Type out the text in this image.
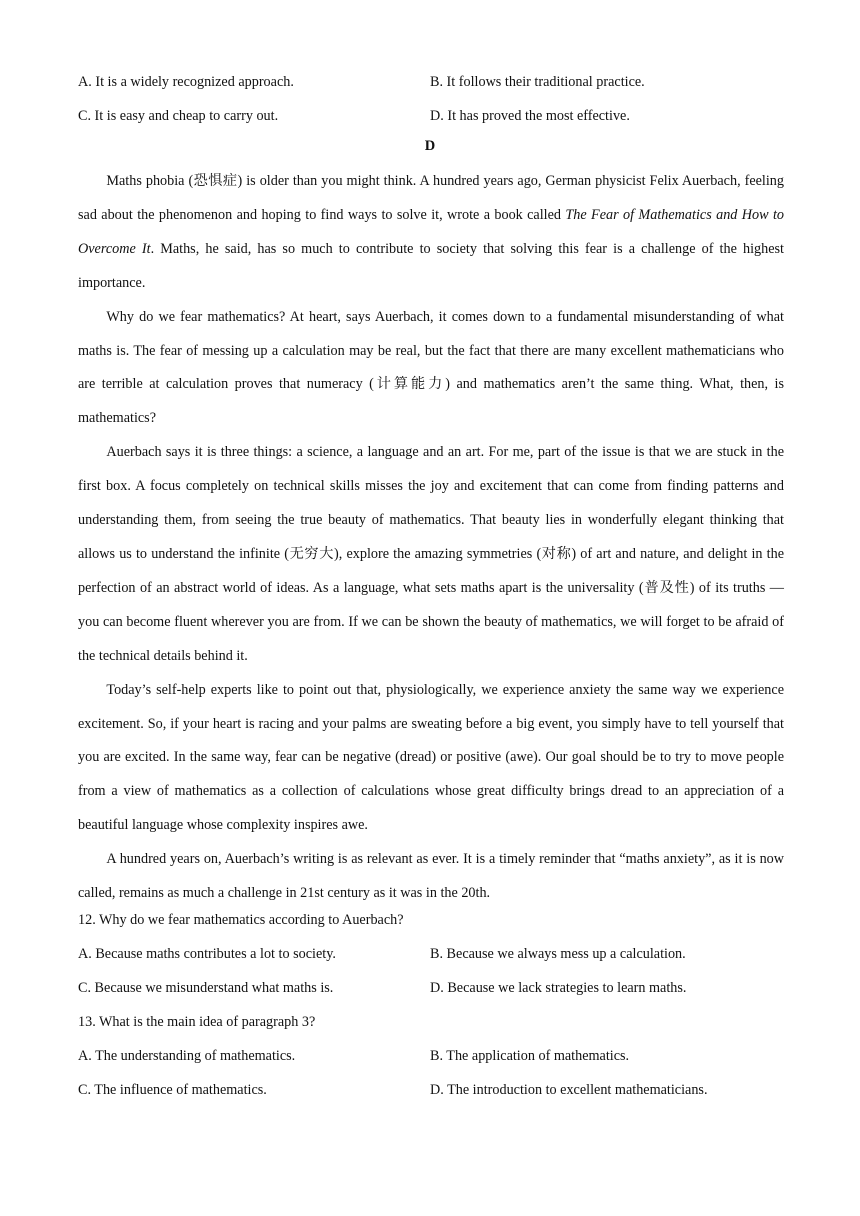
A. It is a widely recognized approach.	B. It follows their traditional practice.
C. It is easy and cheap to carry out.	D. It has proved the most effective.
D

Maths phobia (恐惧症) is older than you might think. A hundred years ago, German physicist Felix Auerbach, feeling sad about the phenomenon and hoping to find ways to solve it, wrote a book called The Fear of Mathematics and How to Overcome It. Maths, he said, has so much to contribute to society that solving this fear is a challenge of the highest importance.

Why do we fear mathematics? At heart, says Auerbach, it comes down to a fundamental misunderstanding of what maths is. The fear of messing up a calculation may be real, but the fact that there are many excellent mathematicians who are terrible at calculation proves that numeracy (计算能力) and mathematics aren’t the same thing. What, then, is mathematics?

Auerbach says it is three things: a science, a language and an art. For me, part of the issue is that we are stuck in the first box. A focus completely on technical skills misses the joy and excitement that can come from finding patterns and understanding them, from seeing the true beauty of mathematics. That beauty lies in wonderfully elegant thinking that allows us to understand the infinite (无穷大), explore the amazing symmetries (对称) of art and nature, and delight in the perfection of an abstract world of ideas. As a language, what sets maths apart is the universality (普及性) of its truths — you can become fluent wherever you are from. If we can be shown the beauty of mathematics, we will forget to be afraid of the technical details behind it.

Today’s self-help experts like to point out that, physiologically, we experience anxiety the same way we experience excitement. So, if your heart is racing and your palms are sweating before a big event, you simply have to tell yourself that you are excited. In the same way, fear can be negative (dread) or positive (awe). Our goal should be to try to move people from a view of mathematics as a collection of calculations whose great difficulty brings dread to an appreciation of a beautiful language whose complexity inspires awe.

A hundred years on, Auerbach’s writing is as relevant as ever. It is a timely reminder that “maths anxiety”, as it is now called, remains as much a challenge in 21st century as it was in the 20th.

12. Why do we fear mathematics according to Auerbach?
A. Because maths contributes a lot to society.	B. Because we always mess up a calculation.
C. Because we misunderstand what maths is.	D. Because we lack strategies to learn maths.
13. What is the main idea of paragraph 3?
A. The understanding of mathematics.	B. The application of mathematics.
C. The influence of mathematics.	D. The introduction to excellent mathematicians.
